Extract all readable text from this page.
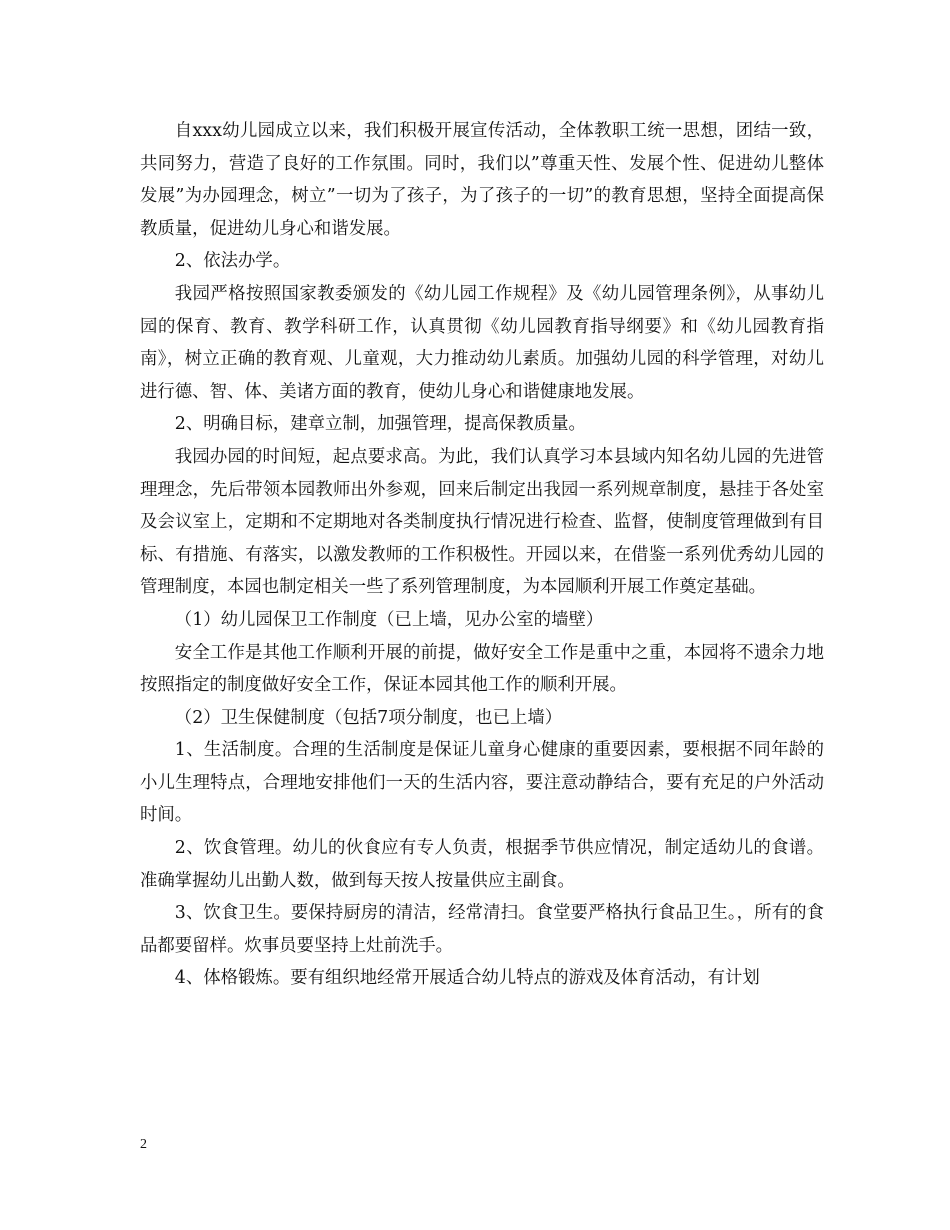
自xxx幼儿园成立以来，我们积极开展宣传活动，全体教职工统一思想，团结一致，共同努力，营造了良好的工作氛围。同时，我们以”尊重天性、发展个性、促进幼儿整体发展”为办园理念，树立”一切为了孩子，为了孩子的一切”的教育思想，坚持全面提高保教质量，促进幼儿身心和谐发展。

2、依法办学。

我园严格按照国家教委颁发的《幼儿园工作规程》及《幼儿园管理条例》，从事幼儿园的保育、教育、教学科研工作，认真贯彻《幼儿园教育指导纲要》和《幼儿园教育指南》，树立正确的教育观、儿童观，大力推动幼儿素质。加强幼儿园的科学管理，对幼儿进行德、智、体、美诸方面的教育，使幼儿身心和谐健康地发展。

2、明确目标，建章立制，加强管理，提高保教质量。

我园办园的时间短，起点要求高。为此，我们认真学习本县域内知名幼儿园的先进管理理念，先后带领本园教师出外参观，回来后制定出我园一系列规章制度，悬挂于各处室及会议室上，定期和不定期地对各类制度执行情况进行检查、监督，使制度管理做到有目标、有措施、有落实，以激发教师的工作积极性。开园以来，在借鉴一系列优秀幼儿园的管理制度，本园也制定相关一些了系列管理制度，为本园顺利开展工作奠定基础。

（1）幼儿园保卫工作制度（已上墙，见办公室的墙壁）

安全工作是其他工作顺利开展的前提，做好安全工作是重中之重，本园将不遗余力地按照指定的制度做好安全工作，保证本园其他工作的顺利开展。

（2）卫生保健制度（包括7项分制度，也已上墙）

1、生活制度。合理的生活制度是保证儿童身心健康的重要因素，要根据不同年龄的小儿生理特点，合理地安排他们一天的生活内容，要注意动静结合，要有充足的户外活动时间。

2、饮食管理。幼儿的伙食应有专人负责，根据季节供应情况，制定适幼儿的食谱。准确掌握幼儿出勤人数，做到每天按人按量供应主副食。

3、饮食卫生。要保持厨房的清洁，经常清扫。食堂要严格执行食品卫生。，所有的食品都要留样。炊事员要坚持上灶前洗手。

4、体格锻炼。要有组织地经常开展适合幼儿特点的游戏及体育活动，有计划

2
